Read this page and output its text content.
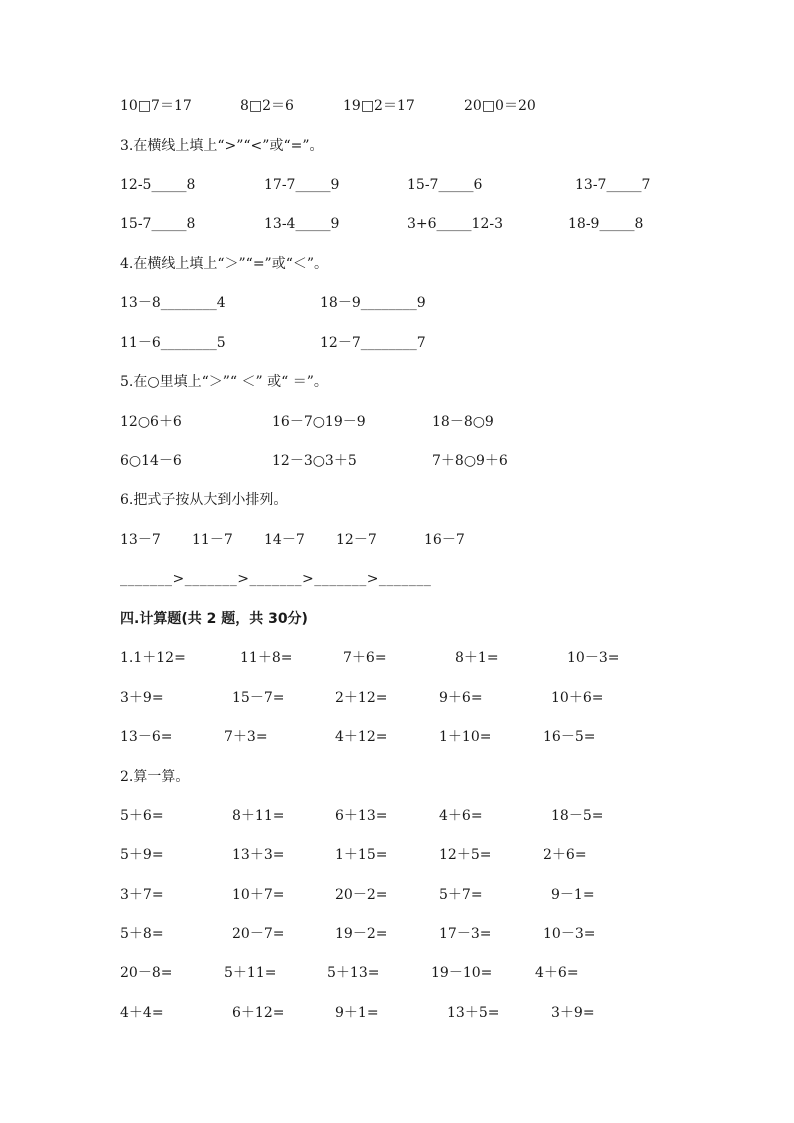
10□7＝17	8□2＝6	19□2＝17	20□0＝20
3.在横线上填上“>”“<”或“=”。
12-5_____8	17-7_____9	15-7_____6	13-7_____7
15-7_____8	13-4_____9	3+6_____12-3	18-9_____8
4.在横线上填上“＞”“=”或“＜”。
13－8________4	18－9________9
11－6________5	12－7________7
5.在○里填上“＞”“ ＜” 或“ ＝”。
12○6＋6	16－7○19－9	18－8○9
6○14－6	12－3○3＋5	7＋8○9＋6
6.把式子按从大到小排列。
13－7 11－7 14－7 12－7	16－7
_______>_______>_______>_______>_______
四.计算题(共 2 题，共 30分)
1.1＋12=	11＋8=	7＋6=	8＋1=	10－3=
3＋9=	15－7=	2＋12=	9＋6=	10＋6=
13－6=	7＋3=	4＋12=	1＋10=	16－5=
2.算一算。
5＋6=	8＋11=	6＋13=	4＋6=	18－5=
5＋9=	13＋3=	1＋15=	12＋5=	2＋6=
3＋7=	10＋7=	20－2=	5＋7=	9－1=
5＋8=	20－7=	19－2=	17－3=	10－3=
20－8=	5＋11=	5＋13=	19－10=	4＋6=
4＋4=	6＋12=	9＋1=	13＋5=	3＋9=
